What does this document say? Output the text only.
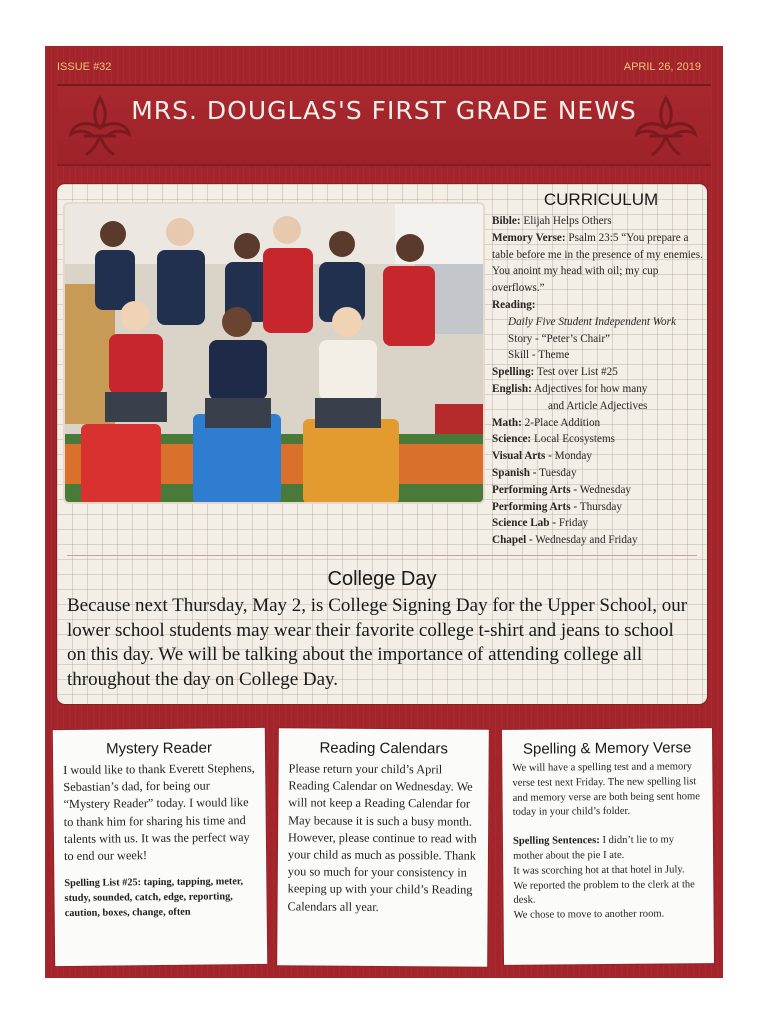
ISSUE #32	APRIL 26, 2019
MRS. DOUGLAS'S FIRST GRADE NEWS
CURRICULUM
Bible: Elijah Helps Others
Memory Verse: Psalm 23:5 “You prepare a table before me in the presence of my enemies. You anoint my head with oil; my cup overflows.”
Reading:
Daily Five Student Independent Work
Story - “Peter’s Chair”
Skill - Theme
Spelling: Test over List #25
English: Adjectives for how many
and Article Adjectives
Math: 2-Place Addition
Science: Local Ecosystems
Visual Arts - Monday
Spanish - Tuesday
Performing Arts - Wednesday
Performing Arts - Thursday
Science Lab - Friday
Chapel - Wednesday and Friday
College Day
Because next Thursday, May 2, is College Signing Day for the Upper School, our lower school students may wear their favorite college t-shirt and jeans to school on this day. We will be talking about the importance of attending college all throughout the day on College Day.
Mystery Reader
I would like to thank Everett Stephens, Sebastian’s dad, for being our “Mystery Reader” today. I would like to thank him for sharing his time and talents with us. It was the perfect way to end our week!
Spelling List #25: taping, tapping, meter, study, sounded, catch, edge, reporting, caution, boxes, change, often
Reading Calendars
Please return your child’s April Reading Calendar on Wednesday. We will not keep a Reading Calendar for May because it is such a busy month. However, please continue to read with your child as much as possible. Thank you so much for your consistency in keeping up with your child’s Reading Calendars all year.
Spelling & Memory Verse

We will have a spelling test and a memory verse test next Friday. The new spelling list and memory verse are both being sent home today in your child’s folder.

Spelling Sentences: I didn’t lie to my mother about the pie I ate.
It was scorching hot at that hotel in July.
We reported the problem to the clerk at the desk.
We chose to move to another room.
